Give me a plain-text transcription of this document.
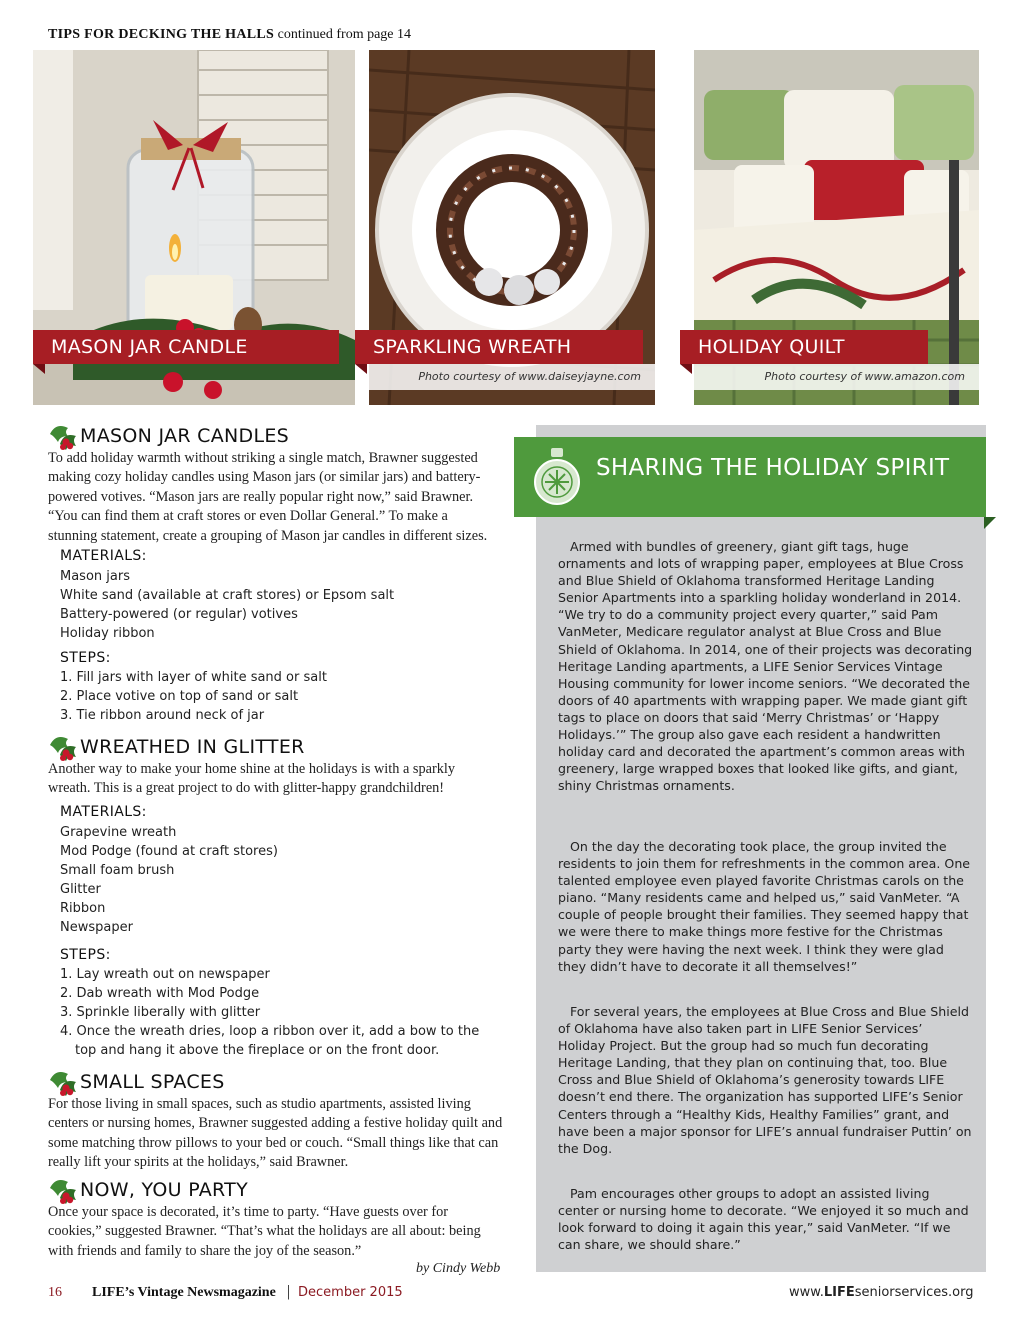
TIPS FOR DECKING THE HALLS continued from page 14
MASON JAR CANDLE	SPARKLING WREATH	HOLIDAY QUILT
Photo courtesy of www.daiseyjayne.com	Photo courtesy of www.amazon.com
MASON JAR CANDLES
To add holiday warmth without striking a single match, Brawner suggested making cozy holiday candles using Mason jars (or similar jars) and battery-powered votives. “Mason jars are really popular right now,” said Brawner. “You can find them at craft stores or even Dollar General.” To make a stunning statement, create a grouping of Mason jar candles in different sizes.
MATERIALS:
Mason jars
White sand (available at craft stores) or Epsom salt
Battery-powered (or regular) votives
Holiday ribbon
STEPS:
1. Fill jars with layer of white sand or salt
2. Place votive on top of sand or salt
3. Tie ribbon around neck of jar
WREATHED IN GLITTER
Another way to make your home shine at the holidays is with a sparkly wreath. This is a great project to do with glitter-happy grandchildren!
MATERIALS:
Grapevine wreath
Mod Podge (found at craft stores)
Small foam brush
Glitter
Ribbon
Newspaper
STEPS:
1. Lay wreath out on newspaper
2. Dab wreath with Mod Podge
3. Sprinkle liberally with glitter
4. Once the wreath dries, loop a ribbon over it, add a bow to the
top and hang it above the fireplace or on the front door.
SMALL SPACES
For those living in small spaces, such as studio apartments, assisted living centers or nursing homes, Brawner suggested adding a festive holiday quilt and some matching throw pillows to your bed or couch. “Small things like that can really lift your spirits at the holidays,” said Brawner.
NOW, YOU PARTY
Once your space is decorated, it’s time to party. “Have guests over for cookies,” suggested Brawner. “That’s what the holidays are all about: being with friends and family to share the joy of the season.”
by Cindy Webb
SHARING THE HOLIDAY SPIRIT

Armed with bundles of greenery, giant gift tags, huge ornaments and lots of wrapping paper, employees at Blue Cross and Blue Shield of Oklahoma transformed Heritage Landing Senior Apartments into a sparkling holiday wonderland in 2014. “We try to do a community project every quarter,” said Pam VanMeter, Medicare regulator analyst at Blue Cross and Blue Shield of Oklahoma. In 2014, one of their projects was decorating Heritage Landing apartments, a LIFE Senior Services Vintage Housing community for lower income seniors. “We decorated the doors of 40 apartments with wrapping paper. We made giant gift tags to place on doors that said ‘Merry Christmas’ or ‘Happy Holidays.’” The group also gave each resident a handwritten holiday card and decorated the apartment’s common areas with greenery, large wrapped boxes that looked like gifts, and giant, shiny Christmas ornaments.

On the day the decorating took place, the group invited the residents to join them for refreshments in the common area. One talented employee even played favorite Christmas carols on the piano. “Many residents came and helped us,” said VanMeter. “A couple of people brought their families. They seemed happy that we were there to make things more festive for the Christmas party they were having the next week. I think they were glad they didn’t have to decorate it all themselves!”

For several years, the employees at Blue Cross and Blue Shield of Oklahoma have also taken part in LIFE Senior Services’ Holiday Project. But the group had so much fun decorating Heritage Landing, that they plan on continuing that, too. Blue Cross and Blue Shield of Oklahoma’s generosity towards LIFE doesn’t end there. The organization has supported LIFE’s Senior Centers through a “Healthy Kids, Healthy Families” grant, and have been a major sponsor for LIFE’s annual fundraiser Puttin’ on the Dog.

Pam encourages other groups to adopt an assisted living center or nursing home to decorate. “We enjoyed it so much and look forward to doing it again this year,” said VanMeter. “If we can share, we should share.”

16 LIFE’s Vintage Newsmagazine | December 2015	www.LIFEseniorservices.org
